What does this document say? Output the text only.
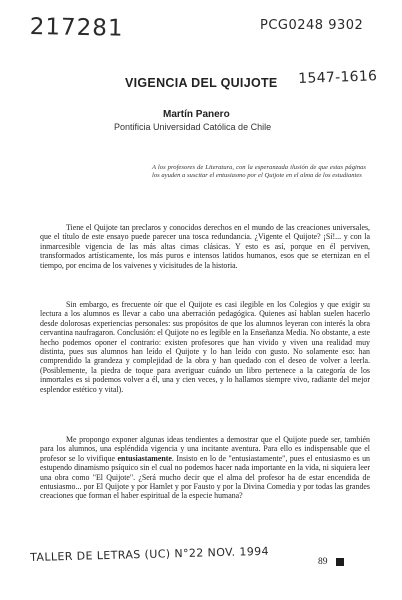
217281	PCG0248 9302
1547-1616
VIGENCIA DEL QUIJOTE
Martín Panero
Pontificia Universidad Católica de Chile
A los profesores de Literatura, con la esperanzada ilusión de que estas páginas los ayuden a suscitar el entusiasmo por el Quijote en el alma de los estudiantes

Tiene el Quijote tan preclaros y conocidos derechos en el mundo de las creaciones universales, que el título de este ensayo puede parecer una tosca redundancia. ¿Vigente el Quijote? ¡Sí!... y con la inmarcesible vigencia de las más altas cimas clásicas. Y esto es así, porque en él perviven, transformados artísticamente, los más puros e intensos latidos humanos, esos que se eternizan en el tiempo, por encima de los vaivenes y vicisitudes de la historia.

Sin embargo, es frecuente oír que el Quijote es casi ilegible en los Colegios y que exigir su lectura a los alumnos es llevar a cabo una aberración pedagógica. Quienes así hablan suelen hacerlo desde dolorosas experiencias personales: sus propósitos de que los alumnos leyeran con interés la obra cervantina naufragaron. Conclusión: el Quijote no es legible en la Enseñanza Media. No obstante, a este hecho podemos oponer el contrario: existen profesores que han vivido y viven una realidad muy distinta, pues sus alumnos han leído el Quijote y lo han leído con gusto. No solamente eso: han comprendido la grandeza y complejidad de la obra y han quedado con el deseo de volver a leerla. (Posiblemente, la piedra de toque para averiguar cuándo un libro pertenece a la categoría de los inmortales es si podemos volver a él, una y cien veces, y lo hallamos siempre vivo, radiante del mejor esplendor estético y vital).

Me propongo exponer algunas ideas tendientes a demostrar que el Quijote puede ser, también para los alumnos, una espléndida vigencia y una incitante aventura. Para ello es indispensable que el profesor se lo vivifique entusiastamente. Insisto en lo de "entusiastamente", pues el entusiasmo es un estupendo dinamismo psíquico sin el cual no podemos hacer nada importante en la vida, ni siquiera leer una obra como "El Quijote". ¿Será mucho decir que el alma del profesor ha de estar encendida de entusiasmo... por El Quijote y por Hamlet y por Fausto y por la Divina Comedia y por todas las grandes creaciones que forman el haber espiritual de la especie humana?

TALLER DE LETRAS (UC) N°22 NOV. 1994	89
